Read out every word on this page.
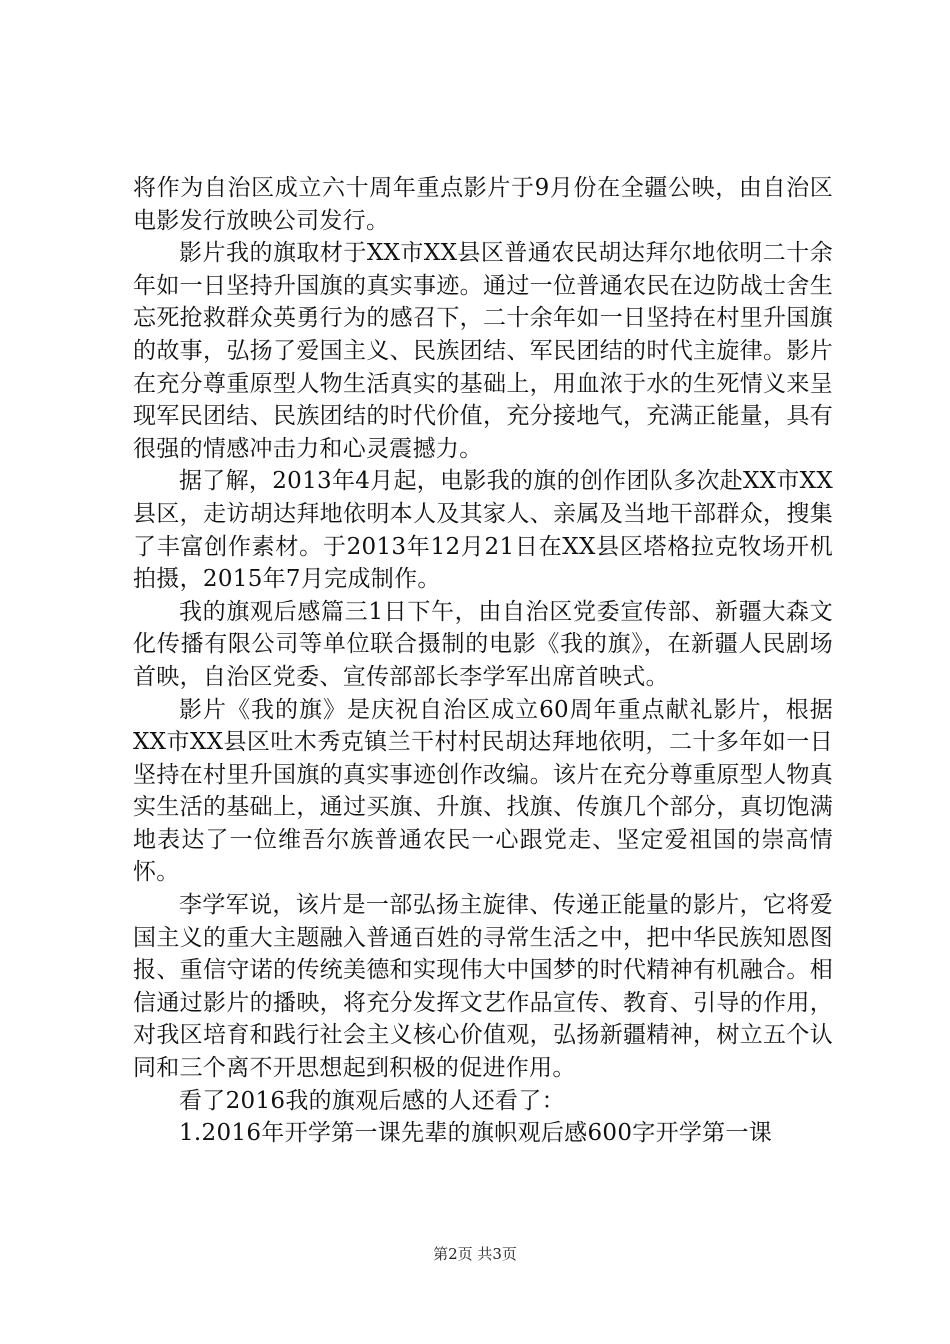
将作为自治区成立六十周年重点影片于9月份在全疆公映，由自治区电影发行放映公司发行。

影片我的旗取材于XX市XX县区普通农民胡达拜尔地依明二十余年如一日坚持升国旗的真实事迹。通过一位普通农民在边防战士舍生忘死抢救群众英勇行为的感召下，二十余年如一日坚持在村里升国旗的故事，弘扬了爱国主义、民族团结、军民团结的时代主旋律。影片在充分尊重原型人物生活真实的基础上，用血浓于水的生死情义来呈现军民团结、民族团结的时代价值，充分接地气，充满正能量，具有很强的情感冲击力和心灵震撼力。

据了解，2013年4月起，电影我的旗的创作团队多次赴XX市XX县区，走访胡达拜地依明本人及其家人、亲属及当地干部群众，搜集了丰富创作素材。于2013年12月21日在XX县区塔格拉克牧场开机拍摄，2015年7月完成制作。

我的旗观后感篇三1日下午，由自治区党委宣传部、新疆大森文化传播有限公司等单位联合摄制的电影《我的旗》，在新疆人民剧场首映，自治区党委、宣传部部长李学军出席首映式。

影片《我的旗》是庆祝自治区成立60周年重点献礼影片，根据XX市XX县区吐木秀克镇兰干村村民胡达拜地依明，二十多年如一日坚持在村里升国旗的真实事迹创作改编。该片在充分尊重原型人物真实生活的基础上，通过买旗、升旗、找旗、传旗几个部分，真切饱满地表达了一位维吾尔族普通农民一心跟党走、坚定爱祖国的崇高情怀。

李学军说，该片是一部弘扬主旋律、传递正能量的影片，它将爱国主义的重大主题融入普通百姓的寻常生活之中，把中华民族知恩图报、重信守诺的传统美德和实现伟大中国梦的时代精神有机融合。相信通过影片的播映，将充分发挥文艺作品宣传、教育、引导的作用，对我区培育和践行社会主义核心价值观，弘扬新疆精神，树立五个认同和三个离不开思想起到积极的促进作用。

看了2016我的旗观后感的人还看了：

1.2016年开学第一课先辈的旗帜观后感600字开学第一课

第2页 共3页
